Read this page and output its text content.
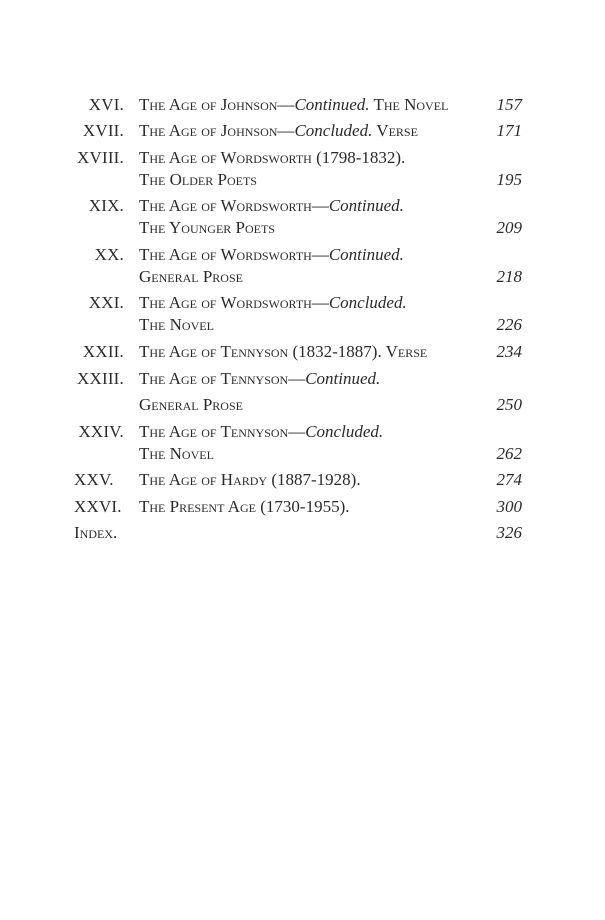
XVI. The Age of Johnson—Continued. The Novel	157
XVII. The Age of Johnson—Concluded. Verse	171
XVIII. The Age of Wordsworth (1798-1832).
The Older Poets	195
XIX. The Age of Wordsworth—Continued.
The Younger Poets	209
XX. The Age of Wordsworth—Continued.
General Prose	218
XXI. The Age of Wordsworth—Concluded.
The Novel	226
XXII. The Age of Tennyson (1832-1887). Verse	234
XXIII. The Age of Tennyson—Continued.
General Prose	250
XXIV. The Age of Tennyson—Concluded.
The Novel	262
XXV.	The Age of Hardy (1887-1928).	274
XXVI.	The Present Age (1730-1955).	300
Index.	326
